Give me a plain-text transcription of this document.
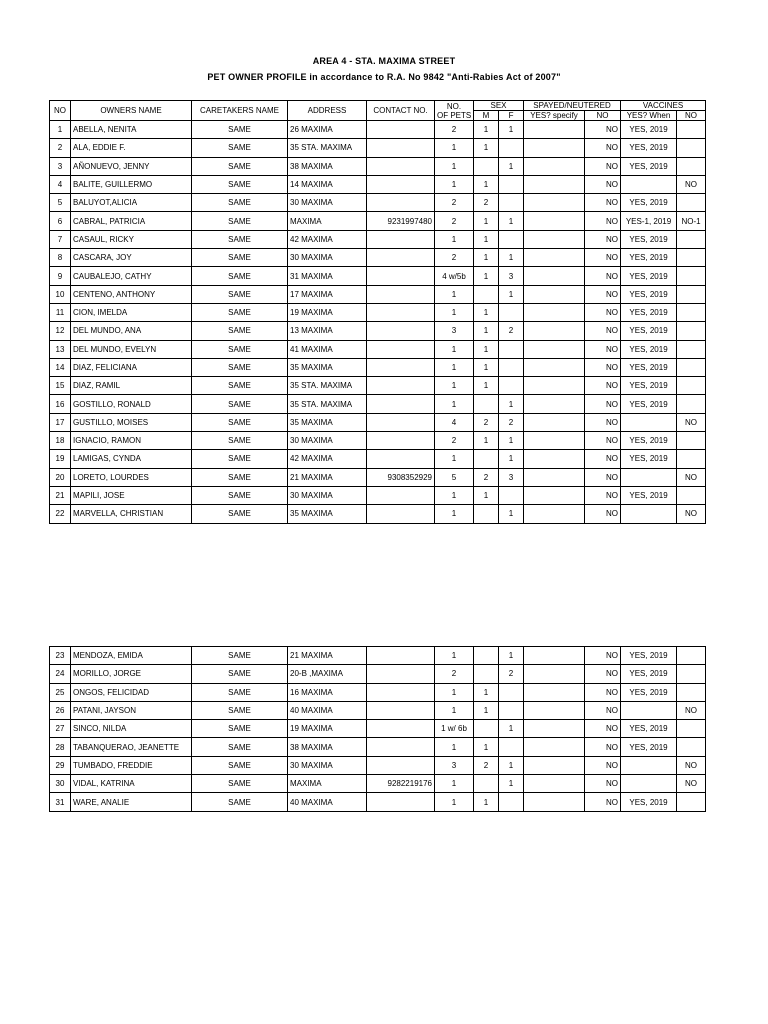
AREA 4 - STA. MAXIMA STREET
PET OWNER PROFILE in accordance to R.A. No 9842 "Anti-Rabies Act of 2007"
NO	OWNERS NAME	CARETAKERS NAME	ADDRESS	CONTACT NO.	NO.
OF PETS	SEX		SPAYED/NEUTERED		VACCINES	
						M	F	YES? specify	NO	YES? When	NO
1	ABELLA, NENITA	SAME	26 MAXIMA		2	1	1		NO	YES, 2019	
2	ALA, EDDIE F.	SAME	35 STA. MAXIMA		1	1			NO	YES, 2019	
3	AÑONUEVO, JENNY	SAME	38 MAXIMA		1		1		NO	YES, 2019	
4	BALITE, GUILLERMO	SAME	14 MAXIMA		1	1			NO		NO
5	BALUYOT,ALICIA	SAME	30 MAXIMA		2	2			NO	YES, 2019	
6	CABRAL, PATRICIA	SAME	MAXIMA	9231997480	2	1	1		NO	YES-1, 2019	NO-1
7	CASAUL, RICKY	SAME	42 MAXIMA		1	1			NO	YES, 2019	
8	CASCARA, JOY	SAME	30 MAXIMA		2	1	1		NO	YES, 2019	
9	CAUBALEJO, CATHY	SAME	31 MAXIMA		4 w/5b	1	3		NO	YES, 2019	
10	CENTENO, ANTHONY	SAME	17 MAXIMA		1		1		NO	YES, 2019	
11	CION, IMELDA	SAME	19 MAXIMA		1	1			NO	YES, 2019	
12	DEL MUNDO, ANA	SAME	13 MAXIMA		3	1	2		NO	YES, 2019	
13	DEL MUNDO, EVELYN	SAME	41 MAXIMA		1	1			NO	YES, 2019	
14	DIAZ, FELICIANA	SAME	35 MAXIMA		1	1			NO	YES, 2019	
15	DIAZ, RAMIL	SAME	35 STA. MAXIMA		1	1			NO	YES, 2019	
16	GOSTILLO, RONALD	SAME	35 STA. MAXIMA		1		1		NO	YES, 2019	
17	GUSTILLO, MOISES	SAME	35 MAXIMA		4	2	2		NO		NO
18	IGNACIO, RAMON	SAME	30 MAXIMA		2	1	1		NO	YES, 2019	
19	LAMIGAS, CYNDA	SAME	42 MAXIMA		1		1		NO	YES, 2019	
20	LORETO, LOURDES	SAME	21 MAXIMA	9308352929	5	2	3		NO		NO
21	MAPILI, JOSE	SAME	30 MAXIMA		1	1			NO	YES, 2019	
22	MARVELLA, CHRISTIAN	SAME	35 MAXIMA		1		1		NO		NO
23	MENDOZA, EMIDA	SAME	21 MAXIMA		1		1		NO	YES, 2019	
24	MORILLO, JORGE	SAME	20-B ,MAXIMA		2		2		NO	YES, 2019	
25	ONGOS, FELICIDAD	SAME	16 MAXIMA		1	1			NO	YES, 2019	
26	PATANI, JAYSON	SAME	40 MAXIMA		1	1			NO		NO
27	SINCO, NILDA	SAME	19 MAXIMA		1 w/ 6b		1		NO	YES, 2019	
28	TABANQUERAO, JEANETTE	SAME	38 MAXIMA		1	1			NO	YES, 2019	
29	TUMBADO, FREDDIE	SAME	30 MAXIMA		3	2	1		NO		NO
30	VIDAL, KATRINA	SAME	MAXIMA	9282219176	1		1		NO		NO
31	WARE, ANALIE	SAME	40 MAXIMA		1	1			NO	YES, 2019	
